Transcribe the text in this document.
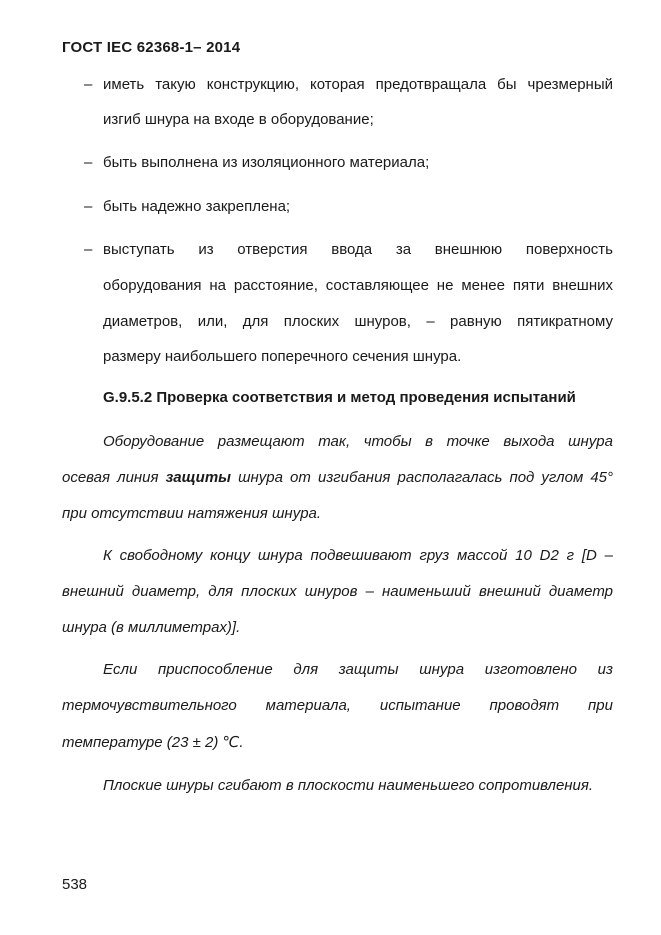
ГОСТ IEC 62368-1– 2014
– иметь такую конструкцию, которая предотвращала бы чрезмерный
изгиб шнура на входе в оборудование;
– быть выполнена из изоляционного материала;
– быть надежно закреплена;
– выступать из отверстия ввода за внешнюю поверхность
оборудования на расстояние, составляющее не менее пяти внешних
диаметров, или, для плоских шнуров, – равную пятикратному
размеру наибольшего поперечного сечения шнура.
G.9.5.2 Проверка соответствия и метод проведения испытаний
Оборудование размещают так, чтобы в точке выхода шнура
осевая линия защиты шнура от изгибания располагалась под углом 45°
при отсутствии натяжения шнура.
К свободному концу шнура подвешивают груз массой 10 D2 г [D –
внешний диаметр, для плоских шнуров – наименьший внешний диаметр
шнура (в миллиметрах)].
Если приспособление для защиты шнура изготовлено из
термочувствительного материала, испытание проводят при
температуре (23 ± 2) ℃.
Плоские шнуры сгибают в плоскости наименьшего сопротивления.
538
